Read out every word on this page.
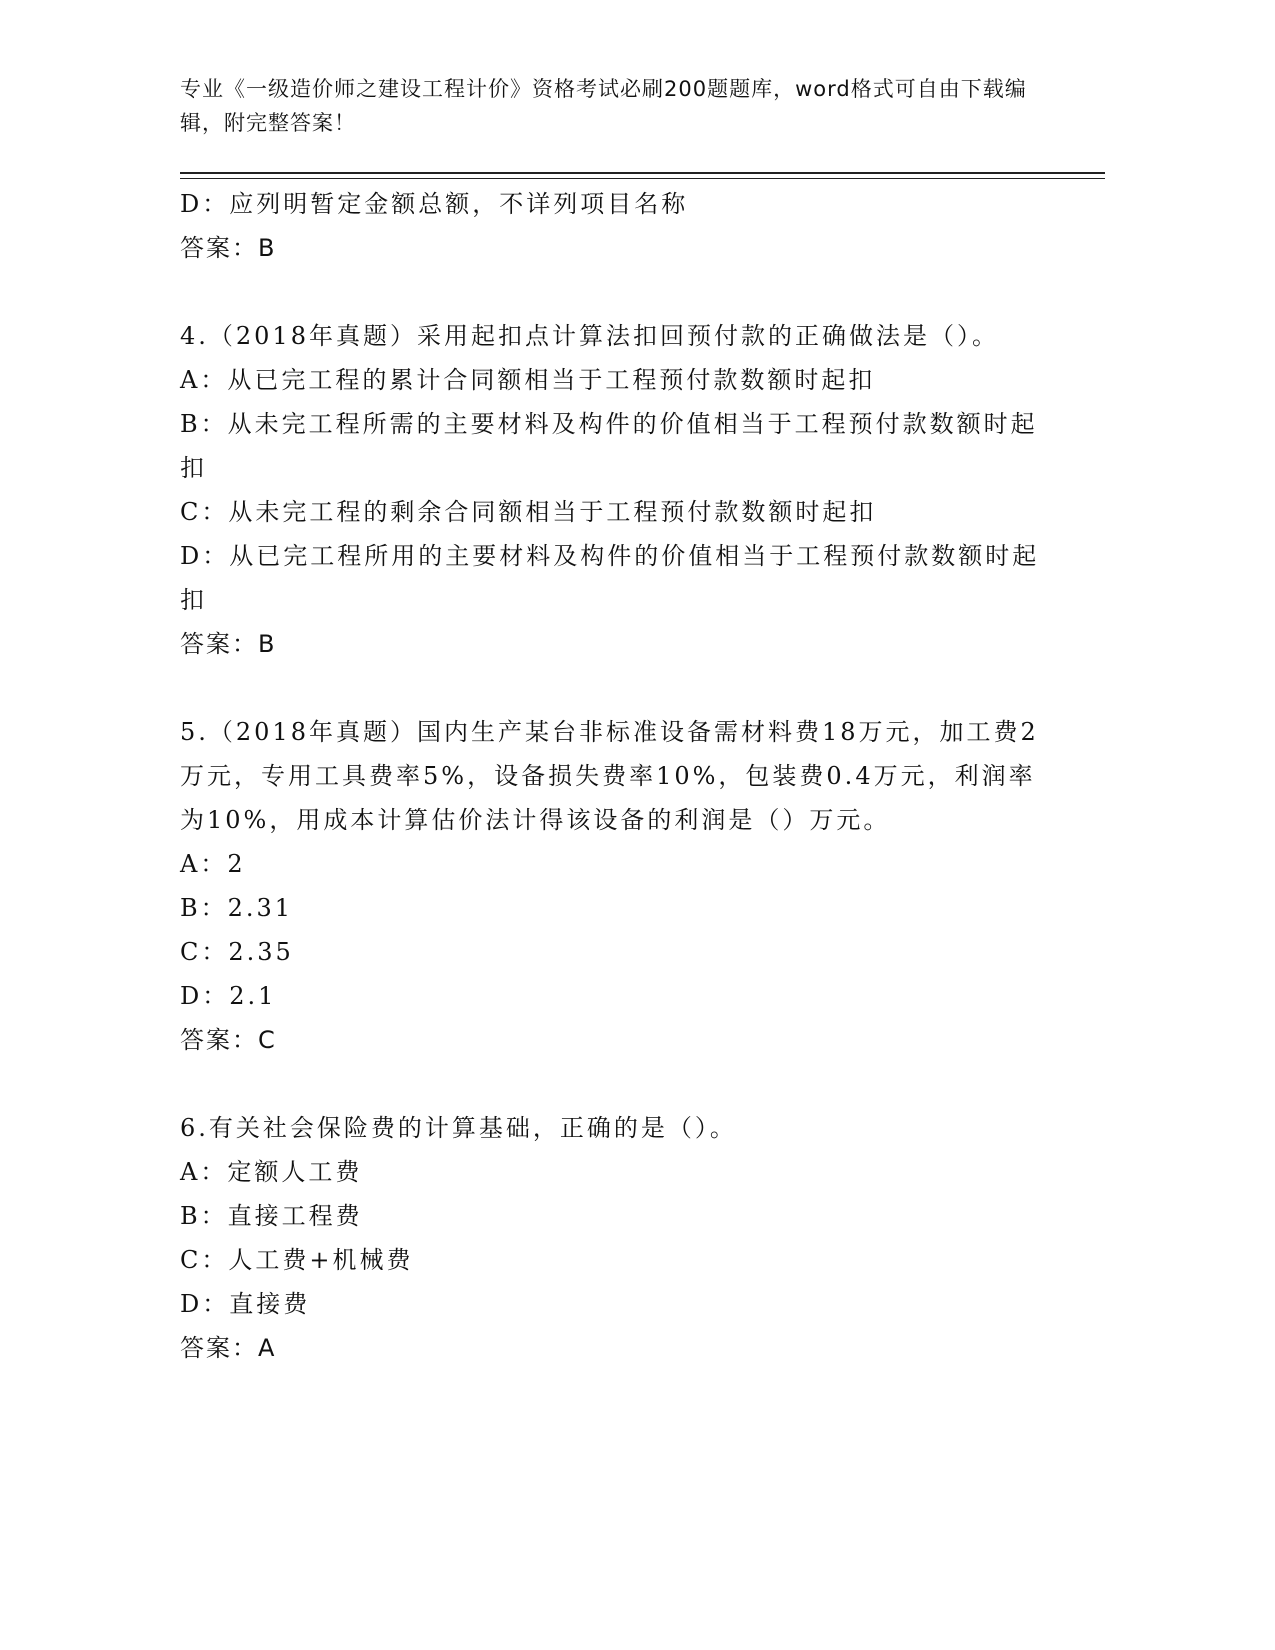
专业《一级造价师之建设工程计价》资格考试必刷200题题库，word格式可自由下载编辑，附完整答案！
D：应列明暂定金额总额，不详列项目名称
答案：B
4.（2018年真题）采用起扣点计算法扣回预付款的正确做法是（）。
A：从已完工程的累计合同额相当于工程预付款数额时起扣
B：从未完工程所需的主要材料及构件的价值相当于工程预付款数额时起扣
C：从未完工程的剩余合同额相当于工程预付款数额时起扣
D：从已完工程所用的主要材料及构件的价值相当于工程预付款数额时起扣
答案：B
5.（2018年真题）国内生产某台非标准设备需材料费18万元，加工费2万元，专用工具费率5%，设备损失费率10%，包装费0.4万元，利润率为10%，用成本计算估价法计得该设备的利润是（）万元。
A：2
B：2.31
C：2.35
D：2.1
答案：C
6.有关社会保险费的计算基础，正确的是（）。
A：定额人工费
B：直接工程费
C：人工费+机械费
D：直接费
答案：A
